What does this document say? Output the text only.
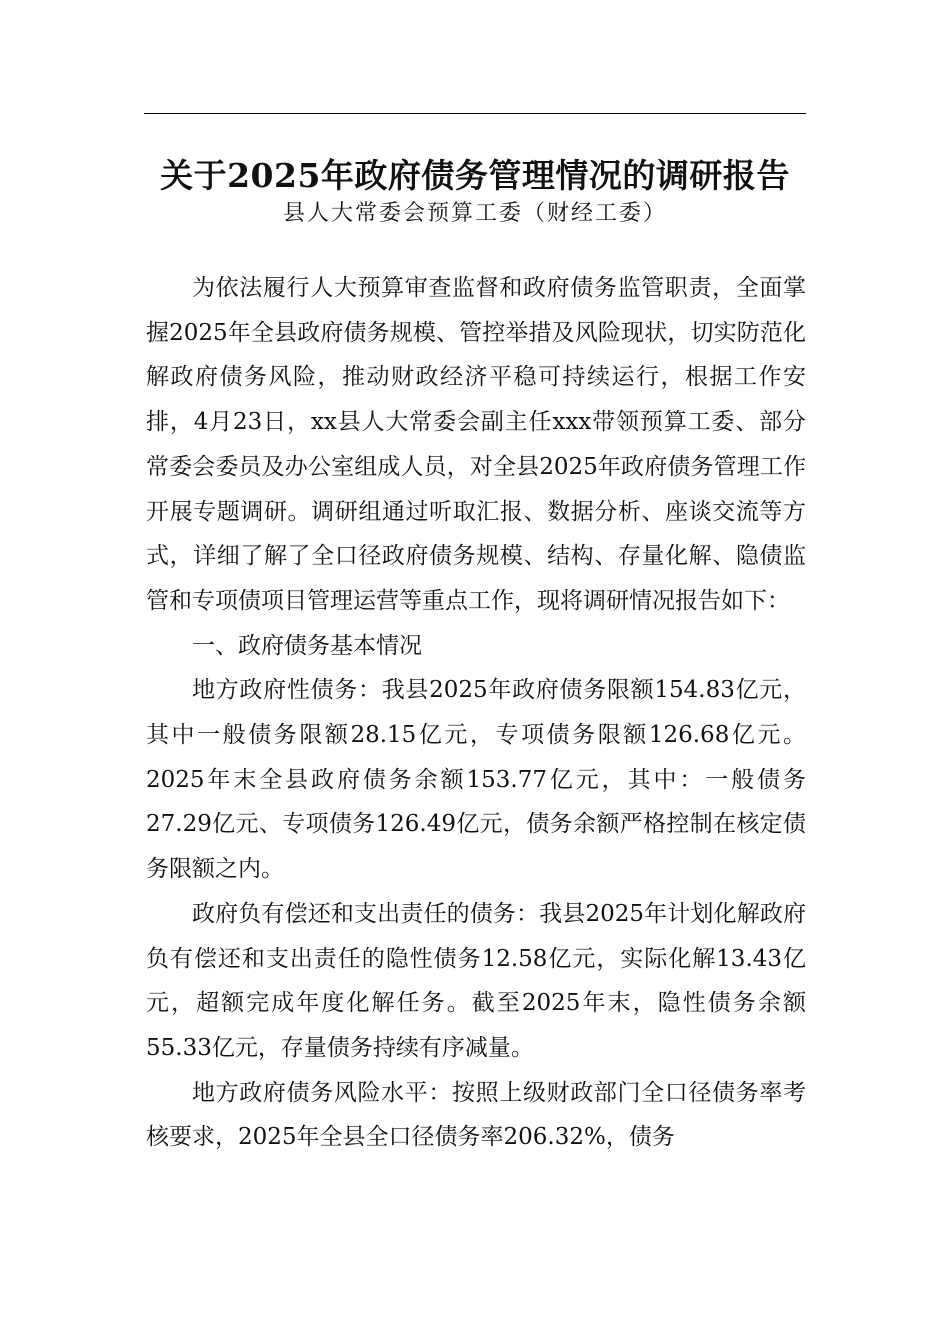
关于2025年政府债务管理情况的调研报告
县人大常委会预算工委（财经工委）

为依法履行人大预算审查监督和政府债务监管职责，全面掌握2025年全县政府债务规模、管控举措及风险现状，切实防范化解政府债务风险，推动财政经济平稳可持续运行，根据工作安排，4月23日，xx县人大常委会副主任xxx带领预算工委、部分常委会委员及办公室组成人员，对全县2025年政府债务管理工作开展专题调研。调研组通过听取汇报、数据分析、座谈交流等方式，详细了解了全口径政府债务规模、结构、存量化解、隐债监管和专项债项目管理运营等重点工作，现将调研情况报告如下：

一、政府债务基本情况

地方政府性债务：我县2025年政府债务限额154.83亿元，其中一般债务限额28.15亿元，专项债务限额126.68亿元。2025年末全县政府债务余额153.77亿元，其中：一般债务27.29亿元、专项债务126.49亿元，债务余额严格控制在核定债务限额之内。

政府负有偿还和支出责任的债务：我县2025年计划化解政府负有偿还和支出责任的隐性债务12.58亿元，实际化解13.43亿元，超额完成年度化解任务。截至2025年末，隐性债务余额55.33亿元，存量债务持续有序减量。

地方政府债务风险水平：按照上级财政部门全口径债务率考核要求，2025年全县全口径债务率206.32%，债务
